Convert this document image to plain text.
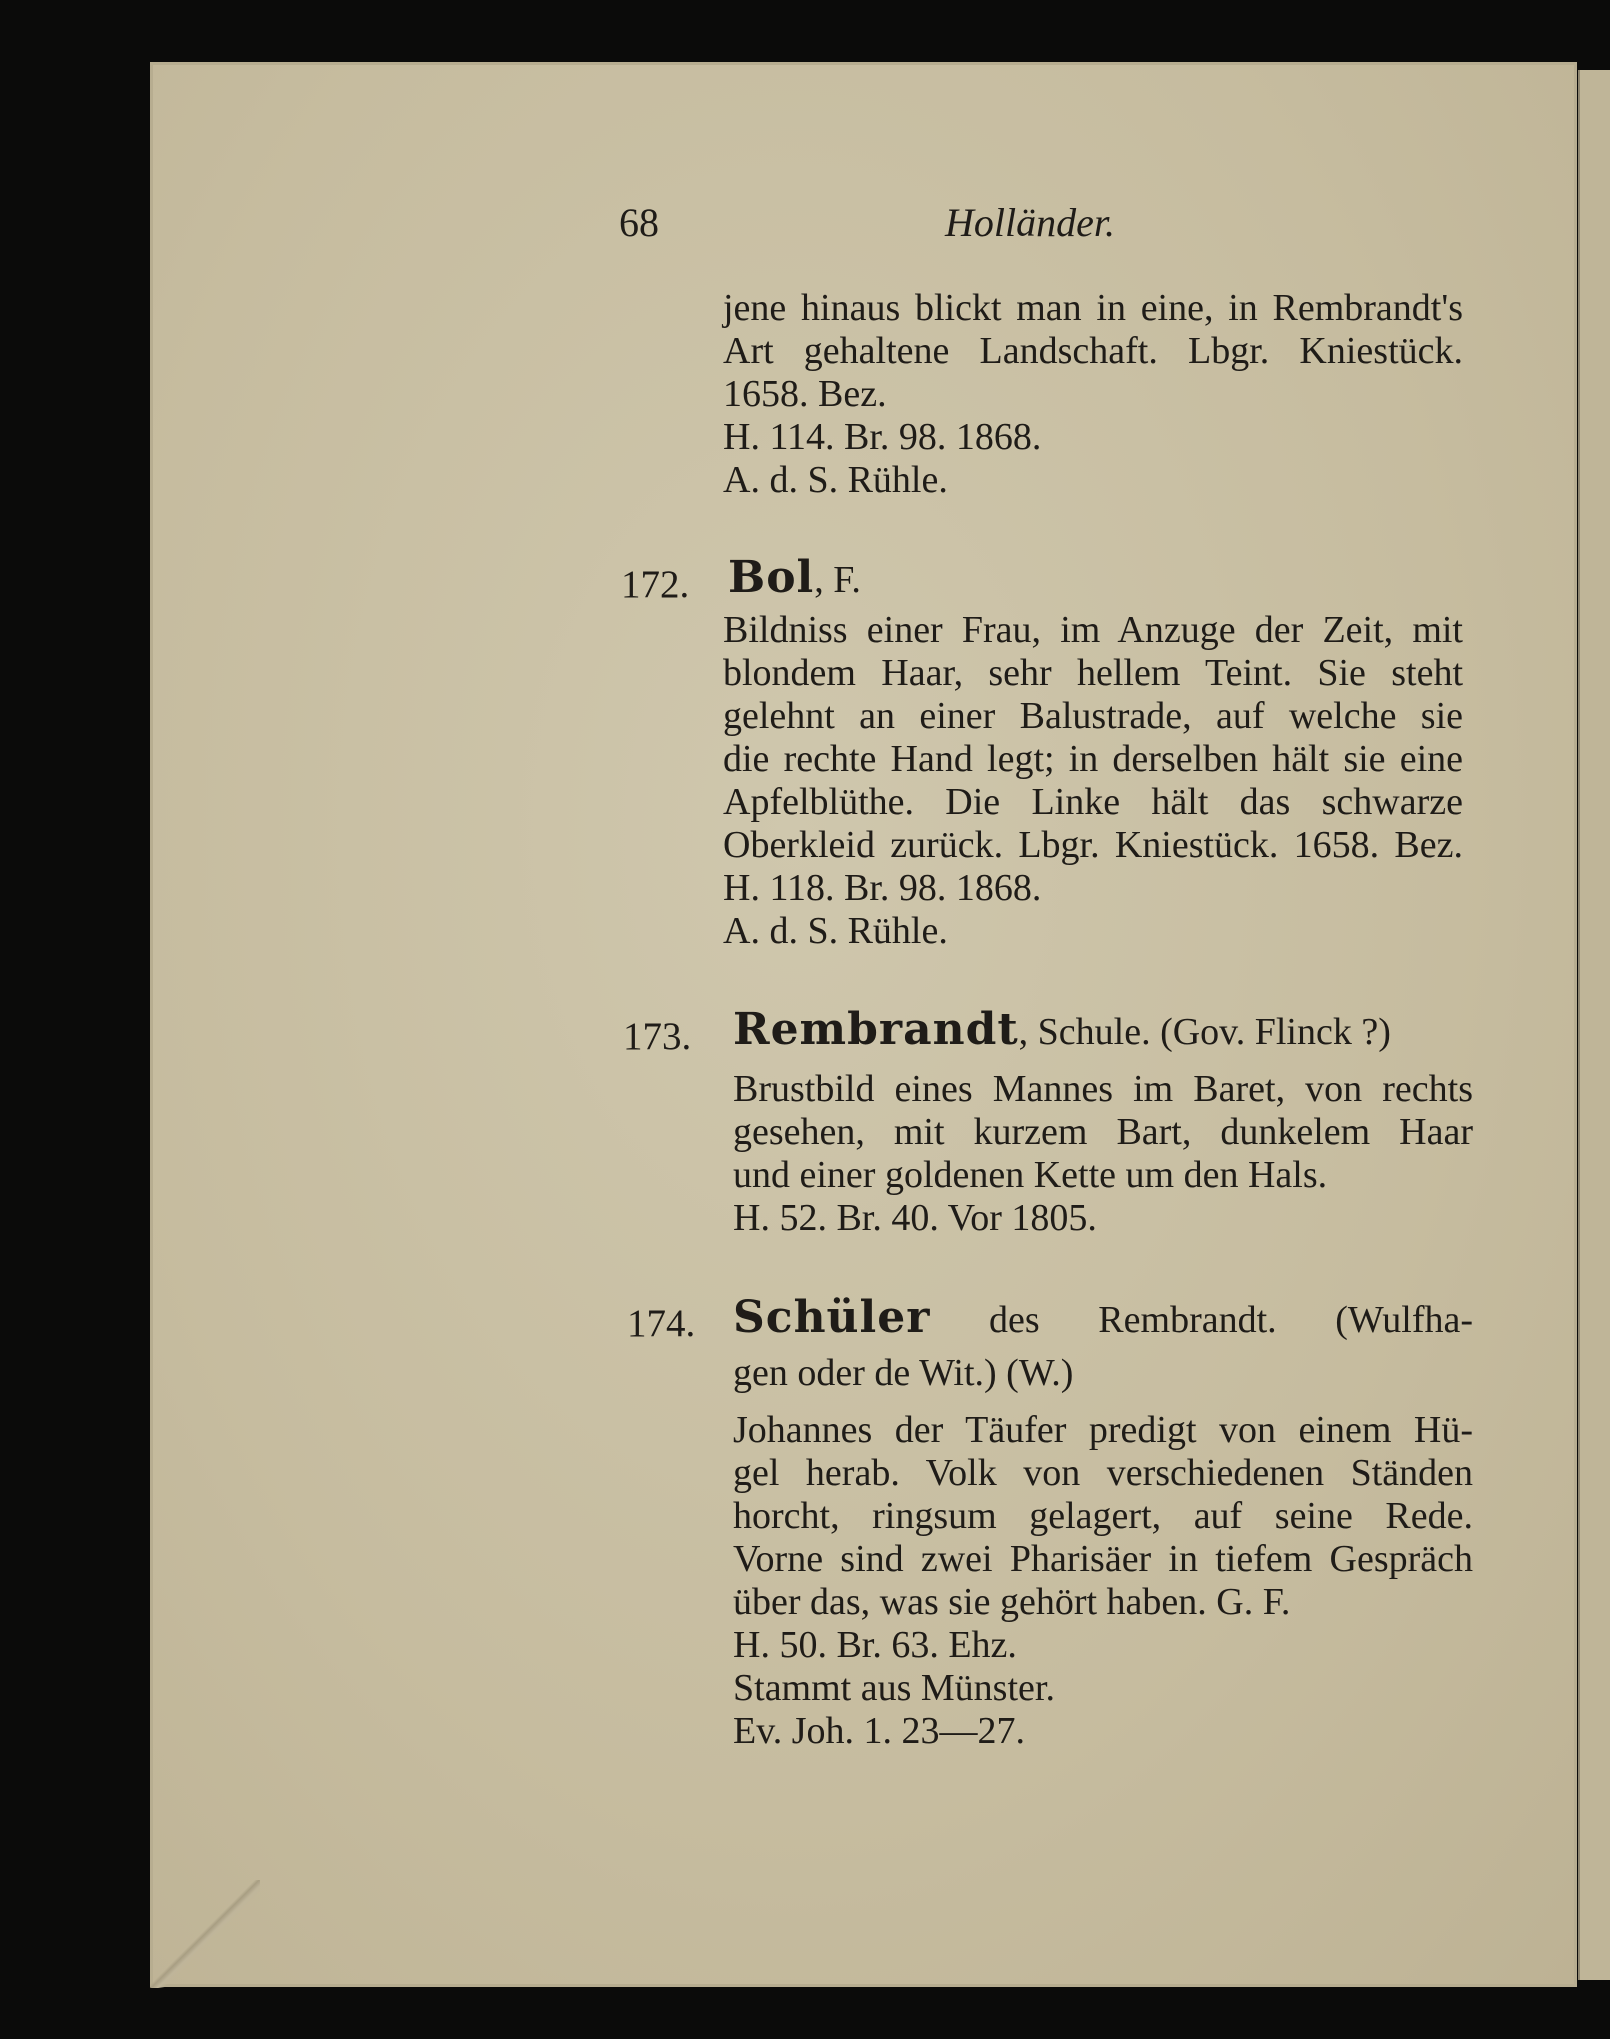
68	Holländer.
jene hinaus blickt man in eine, in Rembrandt's
Art gehaltene Landschaft. Lbgr. Kniestück.
1658. Bez.
H. 114. Br. 98. 1868.
A. d. S. Rühle.
172. Bol, F.
Bildniss einer Frau, im Anzuge der Zeit, mit
blondem Haar, sehr hellem Teint. Sie steht
gelehnt an einer Balustrade, auf welche sie
die rechte Hand legt; in derselben hält sie eine
Apfelblüthe. Die Linke hält das schwarze
Oberkleid zurück. Lbgr. Kniestück. 1658. Bez.
H. 118. Br. 98. 1868.
A. d. S. Rühle.
173. Rembrandt, Schule. (Gov. Flinck ?)
Brustbild eines Mannes im Baret, von rechts
gesehen, mit kurzem Bart, dunkelem Haar
und einer goldenen Kette um den Hals.
H. 52. Br. 40. Vor 1805.
174. Schüler des Rembrandt. (Wulfha-
gen oder de Wit.) (W.)
Johannes der Täufer predigt von einem Hü-
gel herab. Volk von verschiedenen Ständen
horcht, ringsum gelagert, auf seine Rede.
Vorne sind zwei Pharisäer in tiefem Gespräch
über das, was sie gehört haben. G. F.
H. 50. Br. 63. Ehz.
Stammt aus Münster.
Ev. Joh. 1. 23—27.
